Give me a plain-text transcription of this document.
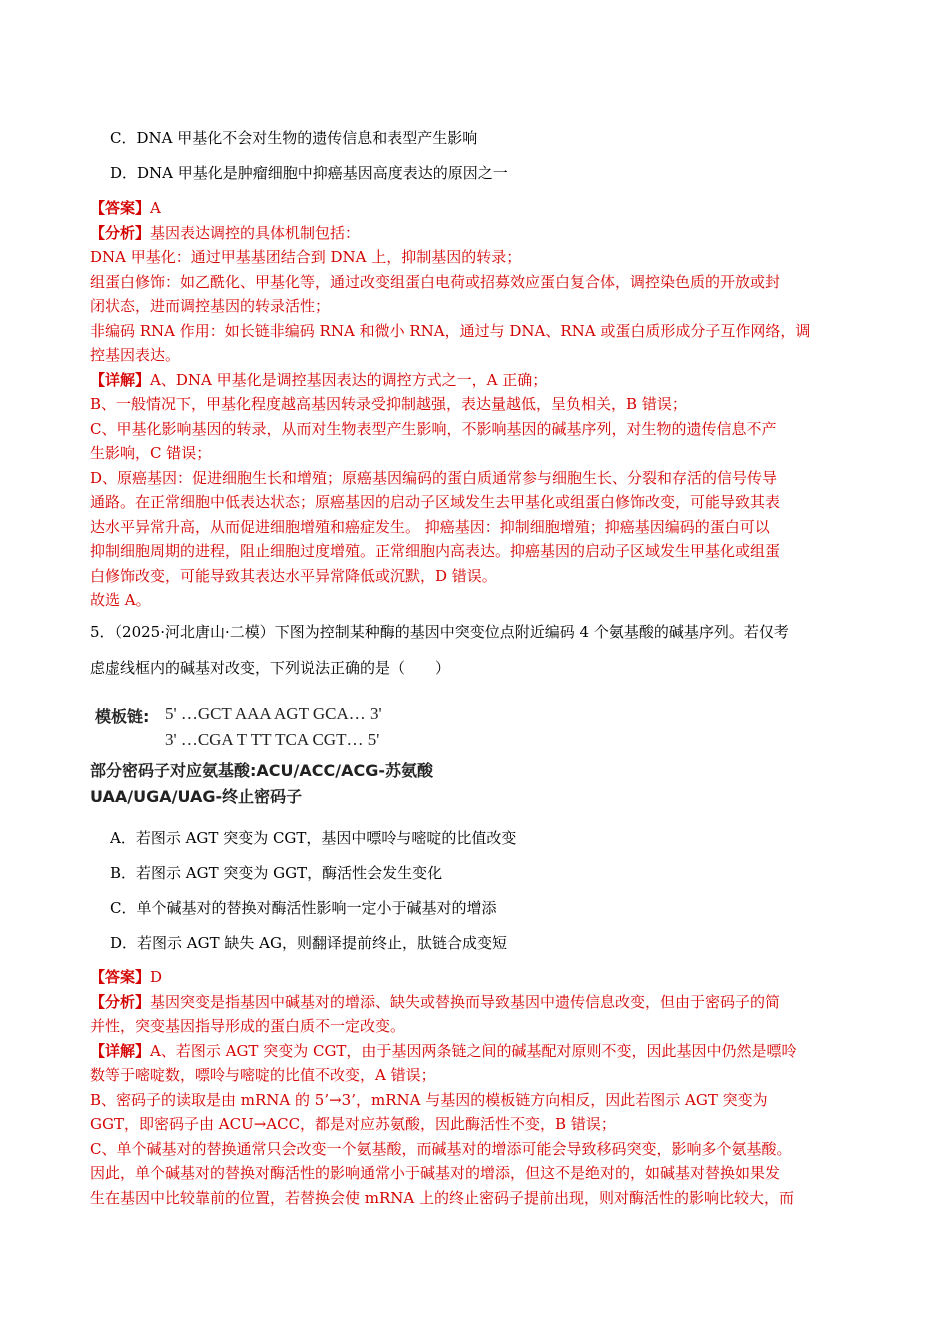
C．DNA 甲基化不会对生物的遗传信息和表型产生影响
D．DNA 甲基化是肿瘤细胞中抑癌基因高度表达的原因之一
【答案】A
【分析】基因表达调控的具体机制包括：
DNA 甲基化：通过甲基基团结合到 DNA 上，抑制基因的转录；
组蛋白修饰：如乙酰化、甲基化等，通过改变组蛋白电荷或招募效应蛋白复合体，调控染色质的开放或封
闭状态，进而调控基因的转录活性；
非编码 RNA 作用：如长链非编码 RNA 和微小 RNA，通过与 DNA、RNA 或蛋白质形成分子互作网络，调
控基因表达。
【详解】A、DNA 甲基化是调控基因表达的调控方式之一，A 正确；
B、一般情况下，甲基化程度越高基因转录受抑制越强，表达量越低，呈负相关，B 错误；
C、甲基化影响基因的转录，从而对生物表型产生影响，不影响基因的碱基序列，对生物的遗传信息不产
生影响，C 错误；
D、原癌基因：促进细胞生长和增殖；原癌基因编码的蛋白质通常参与细胞生长、分裂和存活的信号传导
通路。在正常细胞中低表达状态；原癌基因的启动子区域发生去甲基化或组蛋白修饰改变，可能导致其表
达水平异常升高，从而促进细胞增殖和癌症发生。 抑癌基因：抑制细胞增殖；抑癌基因编码的蛋白可以
抑制细胞周期的进程，阻止细胞过度增殖。正常细胞内高表达。抑癌基因的启动子区域发生甲基化或组蛋
白修饰改变，可能导致其表达水平异常降低或沉默，D 错误。
故选 A。
5．（2025·河北唐山·二模）下图为控制某种酶的基因中突变位点附近编码 4 个氨基酸的碱基序列。若仅考
虑虚线框内的碱基对改变，下列说法正确的是（　　）
模板链: 5' …GCT AAA AGT GCA… 3'
3' …CGA T TT TCA CGT… 5'
部分密码子对应氨基酸:ACU/ACC/ACG-苏氨酸
UAA/UGA/UAG-终止密码子
A．若图示 AGT 突变为 CGT，基因中嘌呤与嘧啶的比值改变
B．若图示 AGT 突变为 GGT，酶活性会发生变化
C．单个碱基对的替换对酶活性影响一定小于碱基对的增添
D．若图示 AGT 缺失 AG，则翻译提前终止，肽链合成变短
【答案】D
【分析】基因突变是指基因中碱基对的增添、缺失或替换而导致基因中遗传信息改变，但由于密码子的简
并性，突变基因指导形成的蛋白质不一定改变。
【详解】A、若图示 AGT 突变为 CGT，由于基因两条链之间的碱基配对原则不变，因此基因中仍然是嘌呤
数等于嘧啶数，嘌呤与嘧啶的比值不改变，A 错误；
B、密码子的读取是由 mRNA 的 5’→3’，mRNA 与基因的模板链方向相反，因此若图示 AGT 突变为
GGT，即密码子由 ACU→ACC，都是对应苏氨酸，因此酶活性不变，B 错误；
C、单个碱基对的替换通常只会改变一个氨基酸，而碱基对的增添可能会导致移码突变，影响多个氨基酸。
因此，单个碱基对的替换对酶活性的影响通常小于碱基对的增添，但这不是绝对的，如碱基对替换如果发
生在基因中比较靠前的位置，若替换会使 mRNA 上的终止密码子提前出现，则对酶活性的影响比较大，而
